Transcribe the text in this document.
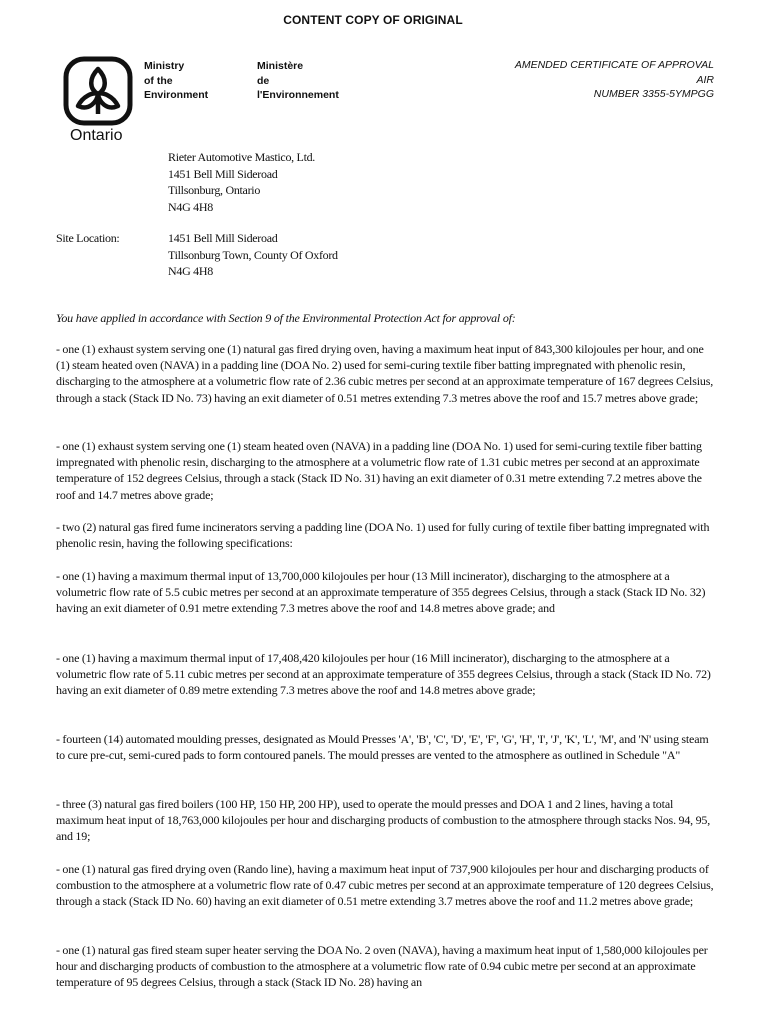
CONTENT COPY OF ORIGINAL
Ontario
Ministry
of the
Environment
Ministère
de
l'Environnement
AMENDED CERTIFICATE OF APPROVAL
AIR
NUMBER 3355-5YMPGG
Rieter Automotive Mastico, Ltd.
1451 Bell Mill Sideroad
Tillsonburg, Ontario
N4G 4H8
Site Location:	1451 Bell Mill Sideroad
Tillsonburg Town, County Of Oxford
N4G 4H8
You have applied in accordance with Section 9 of the Environmental Protection Act for approval of:
- one (1) exhaust system serving one (1) natural gas fired drying oven, having a maximum heat input of 843,300 kilojoules per hour, and one (1) steam heated oven (NAVA) in a padding line (DOA No. 2) used for semi-curing textile fiber batting impregnated with phenolic resin, discharging to the atmosphere at a volumetric flow rate of 2.36 cubic metres per second at an approximate temperature of 167 degrees Celsius, through a stack (Stack ID No. 73) having an exit diameter of 0.51 metres extending 7.3 metres above the roof and 15.7 metres above grade;
- one (1) exhaust system serving one (1) steam heated oven (NAVA) in a padding line (DOA No. 1) used for semi-curing textile fiber batting impregnated with phenolic resin, discharging to the atmosphere at a volumetric flow rate of 1.31 cubic metres per second at an approximate temperature of 152 degrees Celsius, through a stack (Stack ID No. 31) having an exit diameter of 0.31 metre extending 7.2 metres above the roof and 14.7 metres above grade;
- two (2) natural gas fired fume incinerators serving a padding line (DOA No. 1) used for fully curing of textile fiber batting impregnated with phenolic resin, having the following specifications:
- one (1) having a maximum thermal input of 13,700,000 kilojoules per hour (13 Mill incinerator), discharging to the atmosphere at a volumetric flow rate of 5.5 cubic metres per second at an approximate temperature of 355 degrees Celsius, through a stack (Stack ID No. 32) having an exit diameter of 0.91 metre extending 7.3 metres above the roof and 14.8 metres above grade; and
- one (1) having a maximum thermal input of 17,408,420 kilojoules per hour (16 Mill incinerator), discharging to the atmosphere at a volumetric flow rate of 5.11 cubic metres per second at an approximate temperature of 355 degrees Celsius, through a stack (Stack ID No. 72) having an exit diameter of 0.89 metre extending 7.3 metres above the roof and 14.8 metres above grade;
- fourteen (14) automated moulding presses, designated as Mould Presses 'A', 'B', 'C', 'D', 'E', 'F', 'G', 'H', 'I', 'J', 'K', 'L', 'M', and 'N' using steam to cure pre-cut, semi-cured pads to form contoured panels. The mould presses are vented to the atmosphere as outlined in Schedule "A"
- three (3) natural gas fired boilers (100 HP, 150 HP, 200 HP), used to operate the mould presses and DOA 1 and 2 lines, having a total maximum heat input of 18,763,000 kilojoules per hour and discharging products of combustion to the atmosphere through stacks Nos. 94, 95, and 19;
- one (1) natural gas fired drying oven (Rando line), having a maximum heat input of 737,900 kilojoules per hour and discharging products of combustion to the atmosphere at a volumetric flow rate of 0.47 cubic metres per second at an approximate temperature of 120 degrees Celsius, through a stack (Stack ID No. 60) having an exit diameter of 0.51 metre extending 3.7 metres above the roof and 11.2 metres above grade;
- one (1) natural gas fired steam super heater serving the DOA No. 2 oven (NAVA), having a maximum heat input of 1,580,000 kilojoules per hour and discharging products of combustion to the atmosphere at a volumetric flow rate of 0.94 cubic metre per second at an approximate temperature of 95 degrees Celsius, through a stack (Stack ID No. 28) having an
